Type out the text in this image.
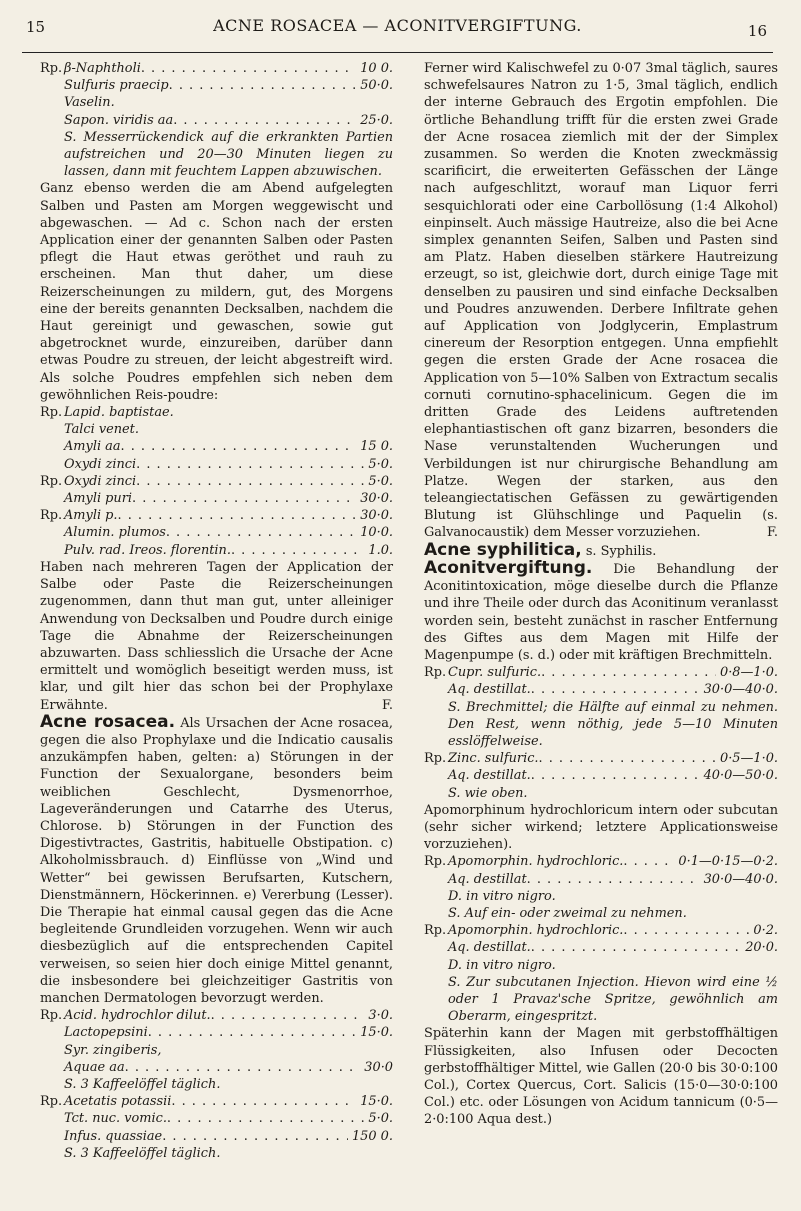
15	ACNE ROSACEA — ACONITVERGIFTUNG.	16
Rp. β-Naphtholi . . .	10 0.
Sulfuris praecip . . .	50·0.
Vaselin.
Sapon. viridis aa . . .	25·0.
S. Messerrückendick auf die erkrankten Partien aufstreichen und 20—30 Minuten liegen zu lassen, dann mit feuchtem Lappen abzuwischen.

Ganz ebenso werden die am Abend aufgelegten Salben und Pasten am Morgen weggewischt und abgewaschen. — Ad c. Schon nach der ersten Application einer der genannten Salben oder Pasten pflegt die Haut etwas geröthet und rauh zu erscheinen. Man thut daher, um diese Reizerscheinungen zu mildern, gut, des Morgens eine der bereits genannten Decksalben, nachdem die Haut gereinigt und gewaschen, sowie gut abgetrocknet wurde, einzureiben, darüber dann etwas Poudre zu streuen, der leicht abgestreift wird. Als solche Poudres empfehlen sich neben dem gewöhnlichen Reis-poudre:

Rp. Lapid. baptistae.
Talci venet.
Amyli aa . . .	15 0.
Oxydi zinci . . .	5·0.
Rp. Oxydi zinci . . .	5·0.
Amyli puri . . .	30·0.
Rp. Amyli p. . . .	30·0.
Alumin. plumos . . .	10·0.
Pulv. rad. Ireos. florentin. . . .	1.0.

Haben nach mehreren Tagen der Application der Salbe oder Paste die Reizerscheinungen zugenommen, dann thut man gut, unter alleiniger Anwendung von Decksalben und Poudre durch einige Tage die Abnahme der Reizerscheinungen abzuwarten. Dass schliesslich die Ursache der Acne ermittelt und womöglich beseitigt werden muss, ist klar, und gilt hier das schon bei der Prophylaxe Erwähnte.	F.

Acne rosacea. Als Ursachen der Acne rosacea, gegen die also Prophylaxe und die Indicatio causalis anzukämpfen haben, gelten: a) Störungen in der Function der Sexualorgane, besonders beim weiblichen Geschlecht, Dysmenorrhoe, Lageveränderungen und Catarrhe des Uterus, Chlorose. b) Störungen in der Function des Digestivtractes, Gastritis, habituelle Obstipation. c) Alkoholmissbrauch. d) Einflüsse von „Wind und Wetter“ bei gewissen Berufsarten, Kutschern, Dienstmännern, Höckerinnen. e) Vererbung (Lesser). Die Therapie hat einmal causal gegen das die Acne begleitende Grundleiden vorzugehen. Wenn wir auch diesbezüglich auf die entsprechenden Capitel verweisen, so seien hier doch einige Mittel genannt, die insbesondere bei gleichzeitiger Gastritis von manchen Dermatologen bevorzugt werden.

Rp. Acid. hydrochlor dilut. . . .	3·0.
Lactopepsini . . .	15·0.
Syr. zingiberis,
Aquae aa . . .	30·0
S. 3 Kaffeelöffel täglich.
Rp. Acetatis potassii . . .	15·0.
Tct. nuc. vomic. . . .	5·0.
Infus. quassiae . . .	150 0.
S. 3 Kaffeelöffel täglich.

Ferner wird Kalischwefel zu 0·07 3mal täglich, saures schwefelsaures Natron zu 1·5, 3mal täglich, endlich der interne Gebrauch des Ergotin empfohlen. Die örtliche Behandlung trifft für die ersten zwei Grade der Acne rosacea ziemlich mit der der Simplex zusammen. So werden die Knoten zweckmässig scarificirt, die erweiterten Gefässchen der Länge nach aufgeschlitzt, worauf man Liquor ferri sesquichlorati oder eine Carbollösung (1:4 Alkohol) einpinselt. Auch mässige Hautreize, also die bei Acne simplex genannten Seifen, Salben und Pasten sind am Platz. Haben dieselben stärkere Hautreizung erzeugt, so ist, gleichwie dort, durch einige Tage mit denselben zu pausiren und sind einfache Decksalben und Poudres anzuwenden. Derbere Infiltrate gehen auf Application von Jodglycerin, Emplastrum cinereum der Resorption entgegen. Unna empfiehlt gegen die ersten Grade der Acne rosacea die Application von 5—10% Salben von Extractum secalis cornuti cornutino-sphacelinicum. Gegen die im dritten Grade des Leidens auftretenden elephantiastischen oft ganz bizarren, besonders die Nase verunstaltenden Wucherungen und Verbildungen ist nur chirurgische Behandlung am Platze. Wegen der starken, aus den teleangiectatischen Gefässen zu gewärtigenden Blutung ist Glühschlinge und Paquelin (s. Galvanocaustik) dem Messer vorzuziehen.	F.

Acne syphilitica, s. Syphilis.

Aconitvergiftung. Die Behandlung der Aconitintoxication, möge dieselbe durch die Pflanze und ihre Theile oder durch das Aconitinum veranlasst worden sein, besteht zunächst in rascher Entfernung des Giftes aus dem Magen mit Hilfe der Magenpumpe (s. d.) oder mit kräftigen Brechmitteln.

Rp. Cupr. sulfuric. . . .	0·8—1·0.
Aq. destillat. . . .	30·0—40·0.
S. Brechmittel; die Hälfte auf einmal zu nehmen. Den Rest, wenn nöthig, jede 5—10 Minuten esslöffelweise.
Rp. Zinc. sulfuric. . . .	0·5—1·0.
Aq. destillat. . . .	40·0—50·0.
S. wie oben.

Apomorphinum hydrochloricum intern oder subcutan (sehr sicher wirkend; letztere Applicationsweise vorzuziehen).

Rp. Apomorphin. hydrochloric. . . .	0·1—0·15—0·2.
Aq. destillat . . .	30·0—40·0.
D. in vitro nigro.
S. Auf ein- oder zweimal zu nehmen.
Rp. Apomorphin. hydrochloric. . . .	0·2.
Aq. destillat. . . .	20·0.
D. in vitro nigro.
S. Zur subcutanen Injection. Hievon wird eine ½ oder 1 Pravaz'sche Spritze, gewöhnlich am Oberarm, eingespritzt.

Späterhin kann der Magen mit gerbstoffhältigen Flüssigkeiten, also Infusen oder Decocten gerbstoffhältiger Mittel, wie Gallen (20·0 bis 30·0:100 Col.), Cortex Quercus, Cort. Salicis (15·0—30·0:100 Col.) etc. oder Lösungen von Acidum tannicum (0·5—2·0:100 Aqua dest.)
